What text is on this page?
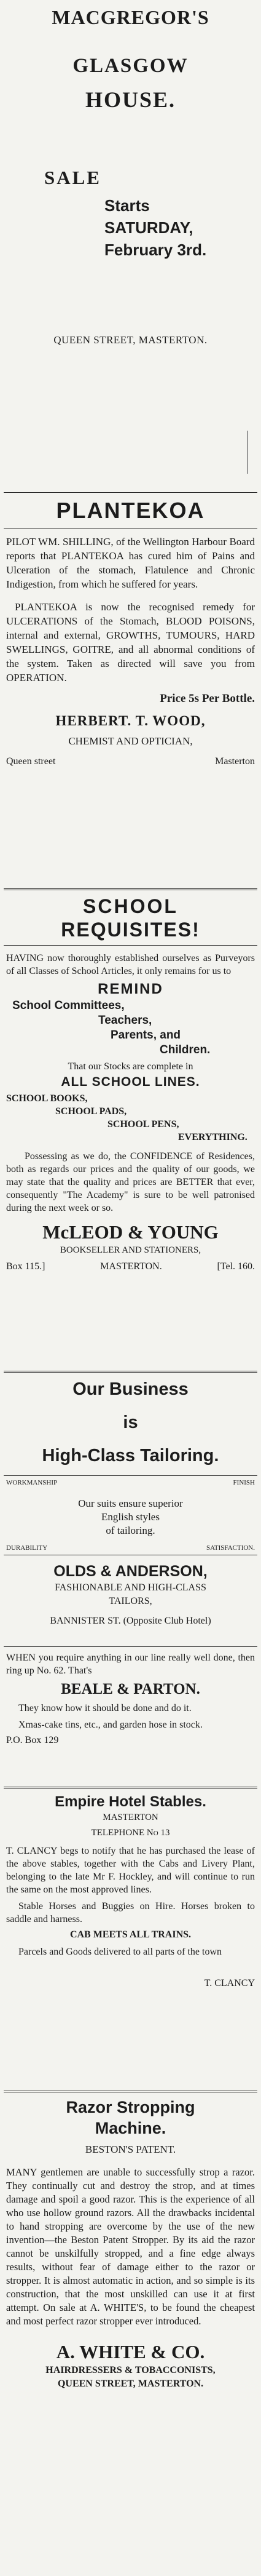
MACGREGOR'S
GLASGOW
HOUSE.
SALE
Starts
SATURDAY,
February 3rd.
QUEEN STREET, MASTERTON.
PLANTEKOA

PILOT WM. SHILLING, of the Wellington Harbour Board reports that PLANTEKOA has cured him of Pains and Ulceration of the stomach, Flatulence and Chronic Indigestion, from which he suffered for years.

PLANTEKOA is now the recognised remedy for ULCERATIONS of the Stomach, BLOOD POISONS, internal and external, GROWTHS, TUMOURS, HARD SWELLINGS, GOITRE, and all abnormal conditions of the system. Taken as directed will save you from OPERATION.

Price 5s Per Bottle.
HERBERT. T. WOOD,
CHEMIST AND OPTICIAN,
Queen street	Masterton
SCHOOL
REQUISITES!

HAVING now thoroughly established ourselves as Purveyors of all Classes of School Articles, it only remains for us to

REMIND
School Committees,
Teachers,
Parents, and
Children.
That our Stocks are complete in
ALL SCHOOL LINES.
SCHOOL BOOKS,
SCHOOL PADS,
SCHOOL PENS,
EVERYTHING.

Possessing as we do, the CONFIDENCE of Residences, both as regards our prices and the quality of our goods, we may state that the quality and prices are BETTER that ever, consequently "The Academy" is sure to be well patronised during the next week or so.

McLEOD & YOUNG
BOOKSELLER AND STATIONERS,
Box 115.]	MASTERTON.	[Tel. 160.
Our Business
is
High-Class Tailoring.
WORKMANSHIP	FINISH
Our suits ensure superior
English styles
of tailoring.
DURABILITY	SATISFACTION.
OLDS & ANDERSON,
FASHIONABLE AND HIGH-CLASS
TAILORS,
BANNISTER ST. (Opposite Club Hotel)

WHEN you require anything in our line really well done, then ring up No. 62. That's

BEALE & PARTON.

They know how it should be done and do it.

Xmas-cake tins, etc., and garden hose in stock.

P.O. Box 129
Empire Hotel Stables.
MASTERTON
TELEPHONE No 13

T. CLANCY begs to notify that he has purchased the lease of the above stables, together with the Cabs and Livery Plant, belonging to the late Mr F. Hockley, and will continue to run the same on the most approved lines.

Stable Horses and Buggies on Hire. Horses broken to saddle and harness.

CAB MEETS ALL TRAINS.

Parcels and Goods delivered to all parts of the town

T. CLANCY
Razor Stropping
Machine.
BESTON'S PATENT.

MANY gentlemen are unable to successfully strop a razor. They continually cut and destroy the strop, and at times damage and spoil a good razor. This is the experience of all who use hollow ground razors. All the drawbacks incidental to hand stropping are overcome by the use of the new invention—the Beston Patent Stropper. By its aid the razor cannot be unskilfully stropped, and a fine edge always results, without fear of damage either to the razor or stropper. It is almost automatic in action, and so simple is its construction, that the most unskilled can use it at first attempt. On sale at A. WHITE'S, to be found the cheapest and most perfect razor stropper ever introduced.

A. WHITE & CO.
HAIRDRESSERS & TOBACCONISTS,
QUEEN STREET, MASTERTON.
